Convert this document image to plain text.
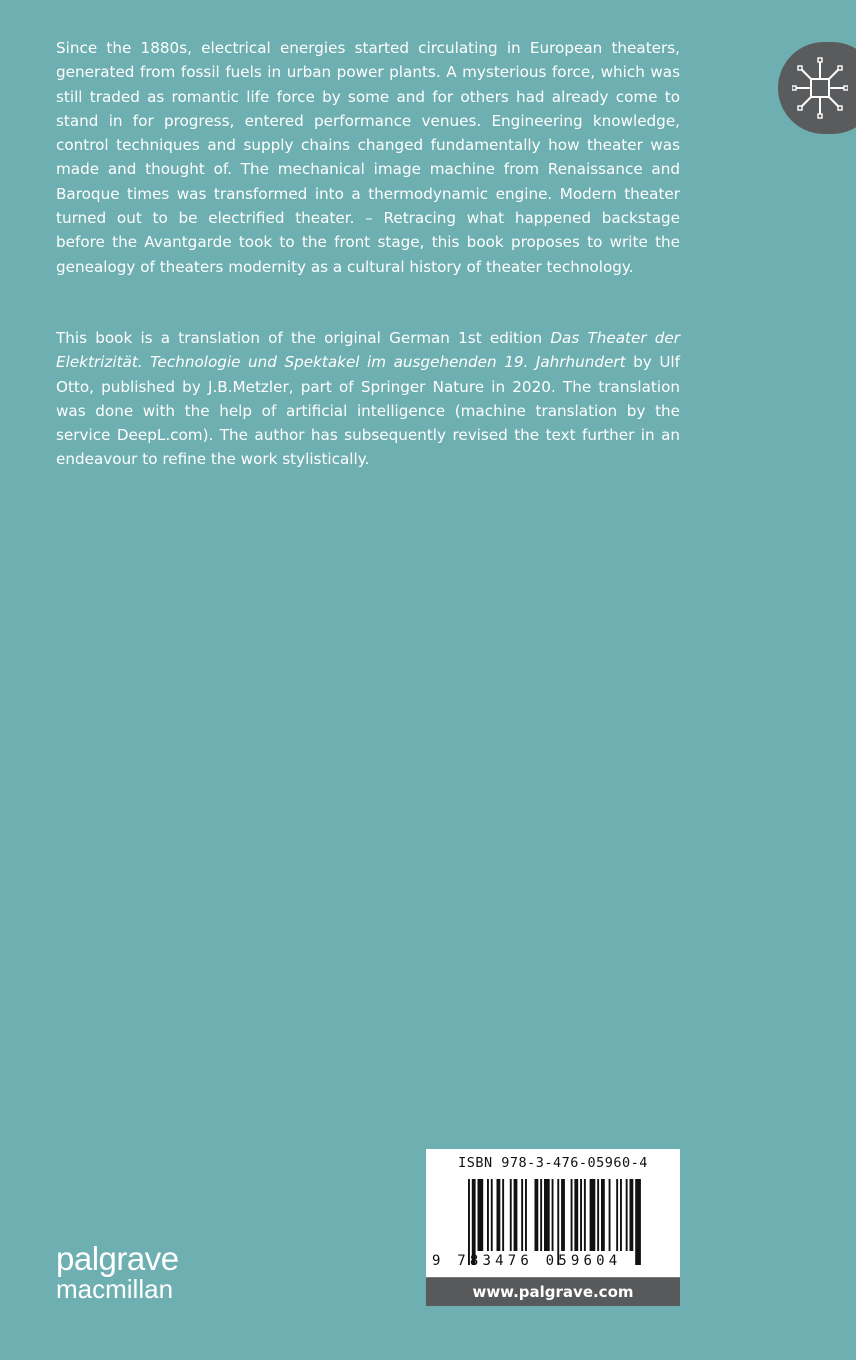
Since the 1880s, electrical energies started circulating in European theaters,
generated from fossil fuels in urban power plants. A mysterious force, which was
still traded as romantic life force by some and for others had already come to
stand in for progress, entered performance venues. Engineering knowledge,
control techniques and supply chains changed fundamentally how theater was
made and thought of. The mechanical image machine from Renaissance and
Baroque times was transformed into a thermodynamic engine. Modern theater
turned out to be electrified theater. – Retracing what happened backstage
before the Avantgarde took to the front stage, this book proposes to write the
genealogy of theaters modernity as a cultural history of theater technology.
This book is a translation of the original German 1st edition Das Theater der
Elektrizität. Technologie und Spektakel im ausgehenden 19. Jahrhundert by Ulf
Otto, published by J.B.Metzler, part of Springer Nature in 2020. The translation
was done with the help of artificial intelligence (machine translation by the
service DeepL.com). The author has subsequently revised the text further in an
endeavour to refine the work stylistically.
ISBN 978-3-476-05960-4
9 783476 059604
www.palgrave.com
palgrave
macmillan
